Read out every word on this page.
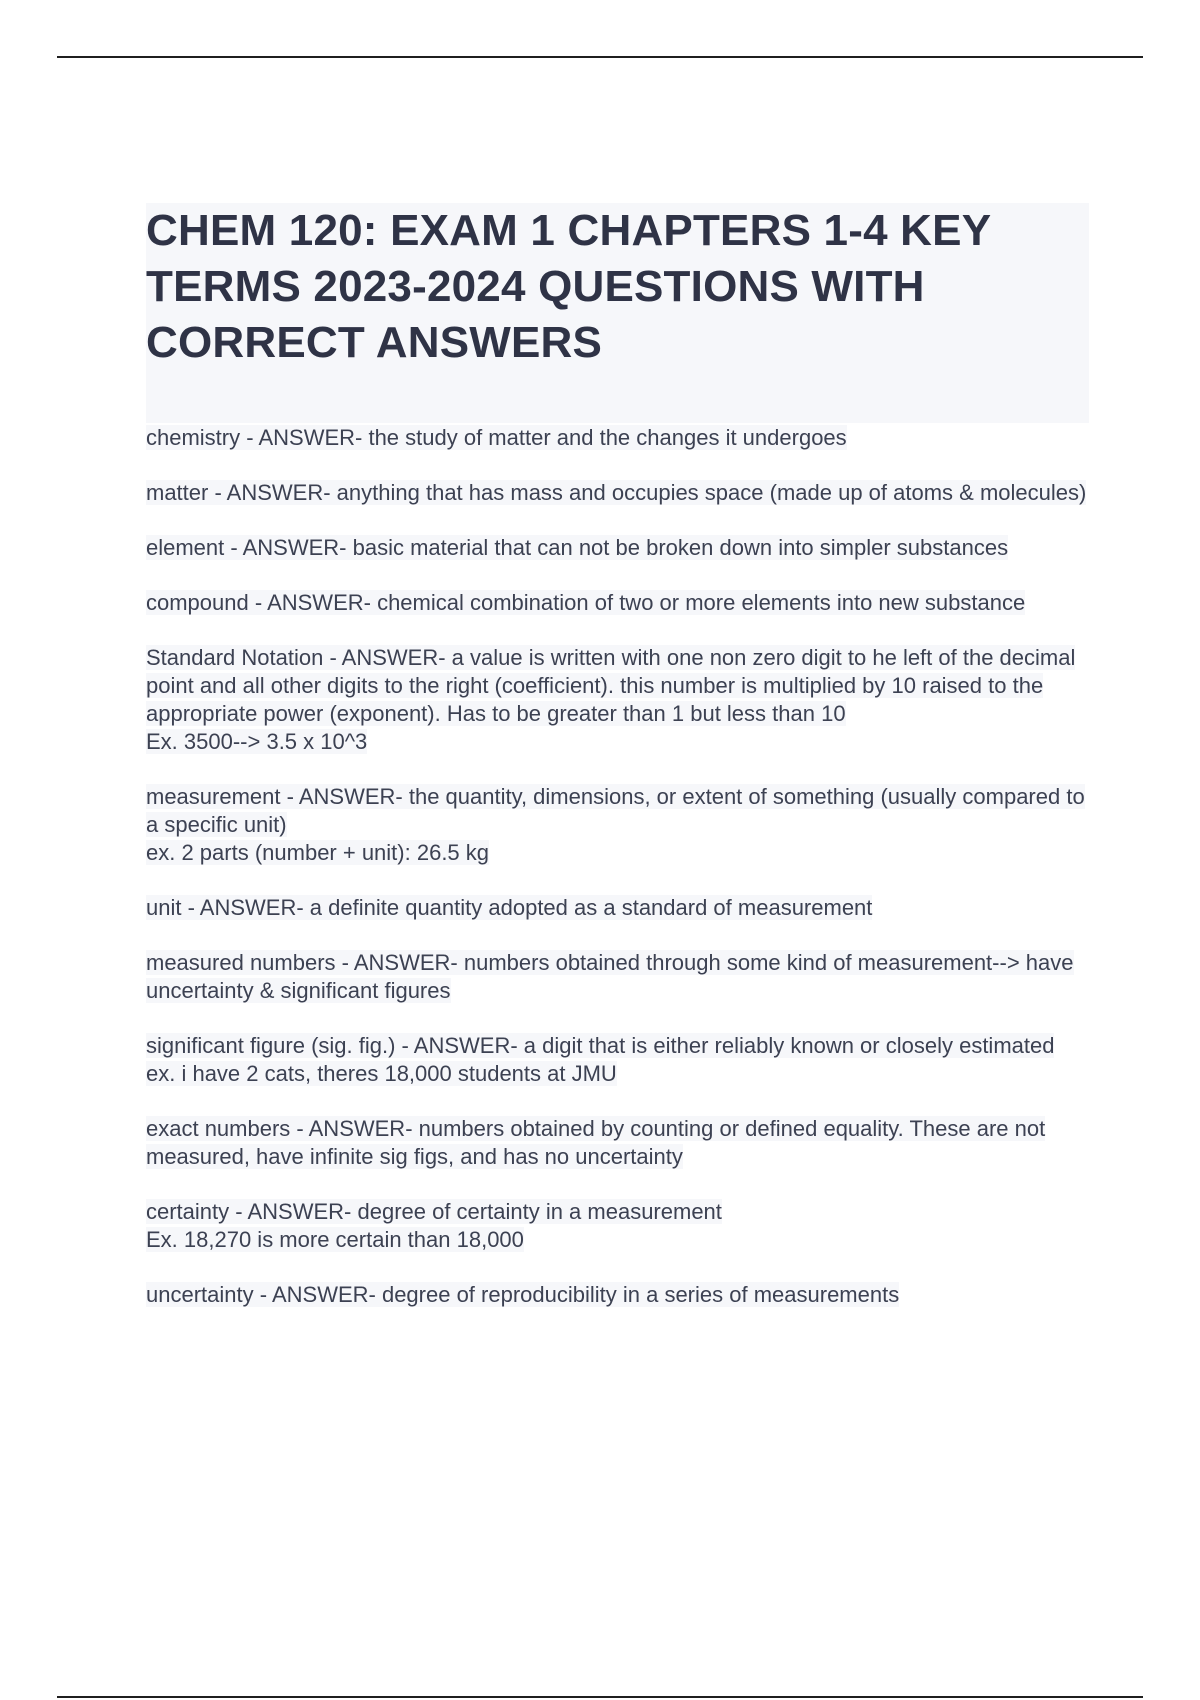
CHEM 120: EXAM 1 CHAPTERS 1-4 KEY TERMS 2023-2024 QUESTIONS WITH CORRECT ANSWERS
chemistry - ANSWER- the study of matter and the changes it undergoes
matter - ANSWER- anything that has mass and occupies space (made up of atoms & molecules)
element - ANSWER- basic material that can not be broken down into simpler substances
compound - ANSWER- chemical combination of two or more elements into new substance
Standard Notation - ANSWER- a value is written with one non zero digit to he left of the decimal point and all other digits to the right (coefficient). this number is multiplied by 10 raised to the appropriate power (exponent). Has to be greater than 1 but less than 10
Ex. 3500--> 3.5 x 10^3
measurement - ANSWER- the quantity, dimensions, or extent of something (usually compared to a specific unit)
ex. 2 parts (number + unit): 26.5 kg
unit - ANSWER- a definite quantity adopted as a standard of measurement
measured numbers - ANSWER- numbers obtained through some kind of measurement--> have uncertainty & significant figures
significant figure (sig. fig.) - ANSWER- a digit that is either reliably known or closely estimated
ex. i have 2 cats, theres 18,000 students at JMU
exact numbers - ANSWER- numbers obtained by counting or defined equality. These are not measured, have infinite sig figs, and has no uncertainty
certainty - ANSWER- degree of certainty in a measurement
Ex. 18,270 is more certain than 18,000
uncertainty - ANSWER- degree of reproducibility in a series of measurements
